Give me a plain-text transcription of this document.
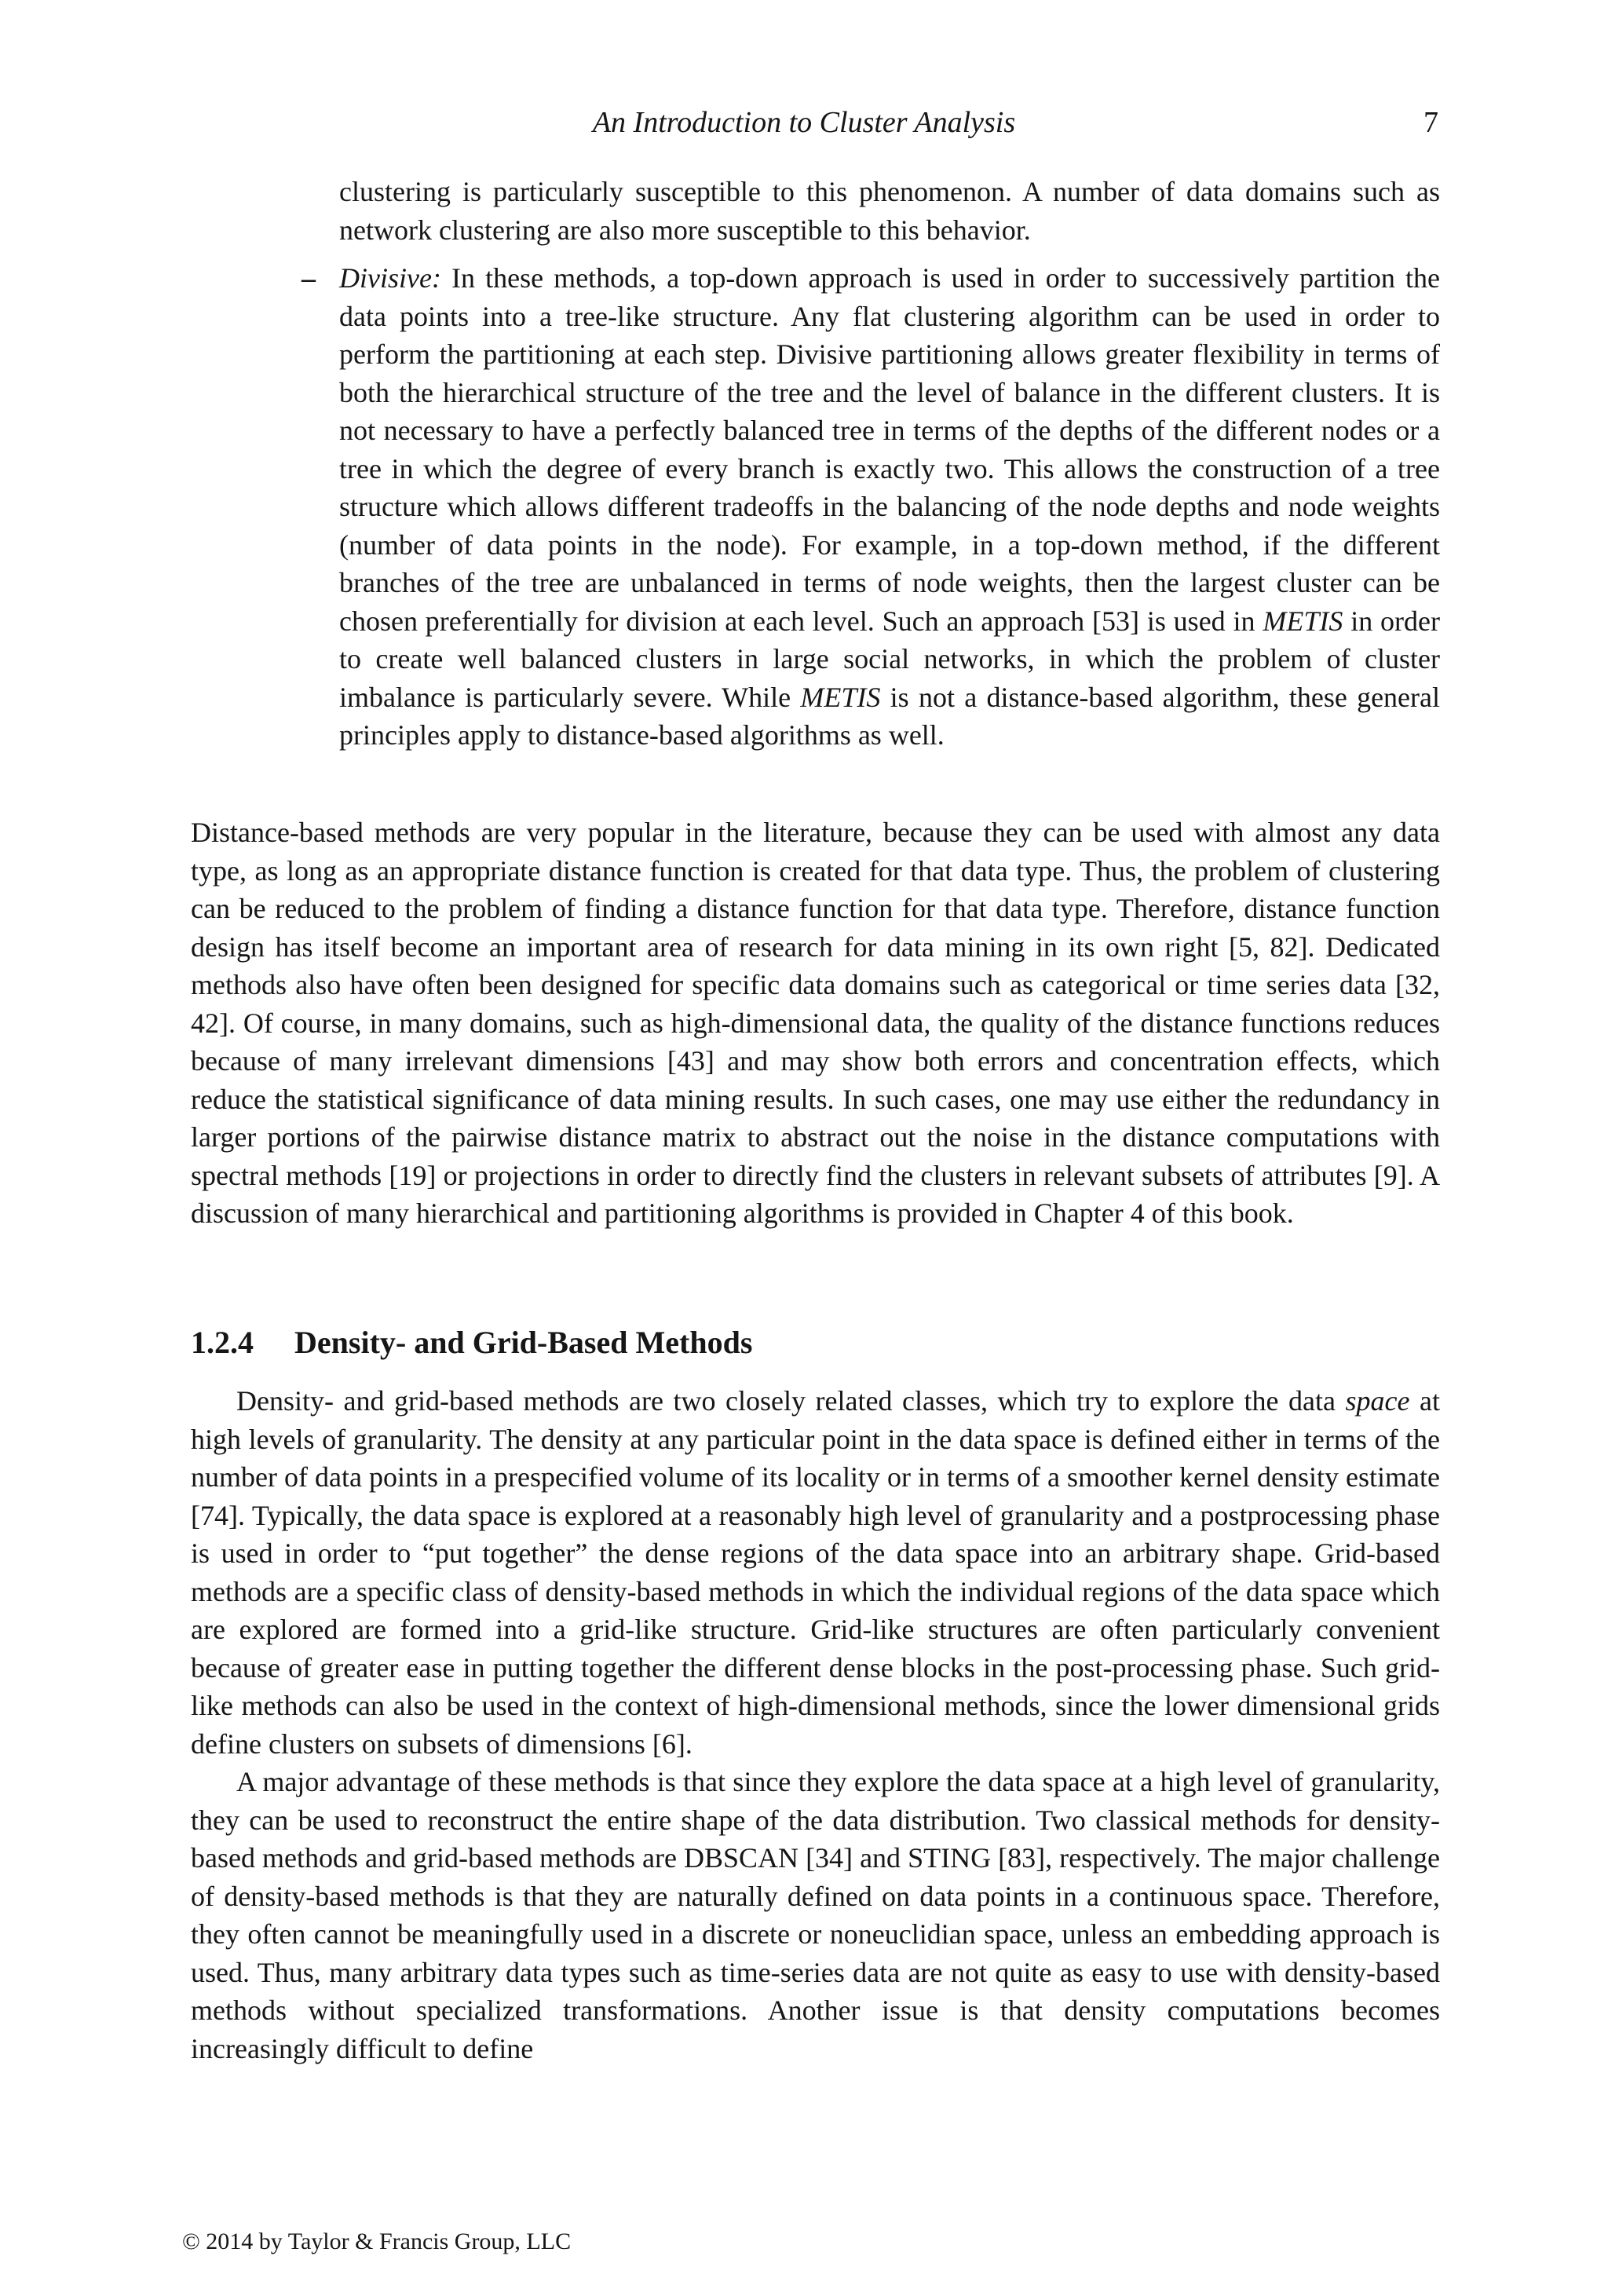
An Introduction to Cluster Analysis	7

clustering is particularly susceptible to this phenomenon. A number of data domains such as network clustering are also more susceptible to this behavior.

– Divisive: In these methods, a top-down approach is used in order to successively partition the data points into a tree-like structure. Any flat clustering algorithm can be used in order to perform the partitioning at each step. Divisive partitioning allows greater flexibility in terms of both the hierarchical structure of the tree and the level of balance in the different clusters. It is not necessary to have a perfectly balanced tree in terms of the depths of the different nodes or a tree in which the degree of every branch is exactly two. This allows the construction of a tree structure which allows different tradeoffs in the balancing of the node depths and node weights (number of data points in the node). For example, in a top-down method, if the different branches of the tree are unbalanced in terms of node weights, then the largest cluster can be chosen preferentially for division at each level. Such an approach [53] is used in METIS in order to create well balanced clusters in large social networks, in which the problem of cluster imbalance is particularly severe. While METIS is not a distance-based algorithm, these general principles apply to distance-based algorithms as well.

Distance-based methods are very popular in the literature, because they can be used with almost any data type, as long as an appropriate distance function is created for that data type. Thus, the problem of clustering can be reduced to the problem of finding a distance function for that data type. Therefore, distance function design has itself become an important area of research for data mining in its own right [5, 82]. Dedicated methods also have often been designed for specific data domains such as categorical or time series data [32, 42]. Of course, in many domains, such as high-dimensional data, the quality of the distance functions reduces because of many irrelevant dimensions [43] and may show both errors and concentration effects, which reduce the statistical significance of data mining results. In such cases, one may use either the redundancy in larger portions of the pairwise distance matrix to abstract out the noise in the distance computations with spectral methods [19] or projections in order to directly find the clusters in relevant subsets of attributes [9]. A discussion of many hierarchical and partitioning algorithms is provided in Chapter 4 of this book.

1.2.4 Density- and Grid-Based Methods

Density- and grid-based methods are two closely related classes, which try to explore the data space at high levels of granularity. The density at any particular point in the data space is defined either in terms of the number of data points in a prespecified volume of its locality or in terms of a smoother kernel density estimate [74]. Typically, the data space is explored at a reasonably high level of granularity and a postprocessing phase is used in order to “put together” the dense regions of the data space into an arbitrary shape. Grid-based methods are a specific class of density-based methods in which the individual regions of the data space which are explored are formed into a grid-like structure. Grid-like structures are often particularly convenient because of greater ease in putting together the different dense blocks in the post-processing phase. Such grid-like methods can also be used in the context of high-dimensional methods, since the lower dimensional grids define clusters on subsets of dimensions [6].

A major advantage of these methods is that since they explore the data space at a high level of granularity, they can be used to reconstruct the entire shape of the data distribution. Two classical methods for density-based methods and grid-based methods are DBSCAN [34] and STING [83], respectively. The major challenge of density-based methods is that they are naturally defined on data points in a continuous space. Therefore, they often cannot be meaningfully used in a discrete or noneuclidian space, unless an embedding approach is used. Thus, many arbitrary data types such as time-series data are not quite as easy to use with density-based methods without specialized transformations. Another issue is that density computations becomes increasingly difficult to define

© 2014 by Taylor & Francis Group, LLC
